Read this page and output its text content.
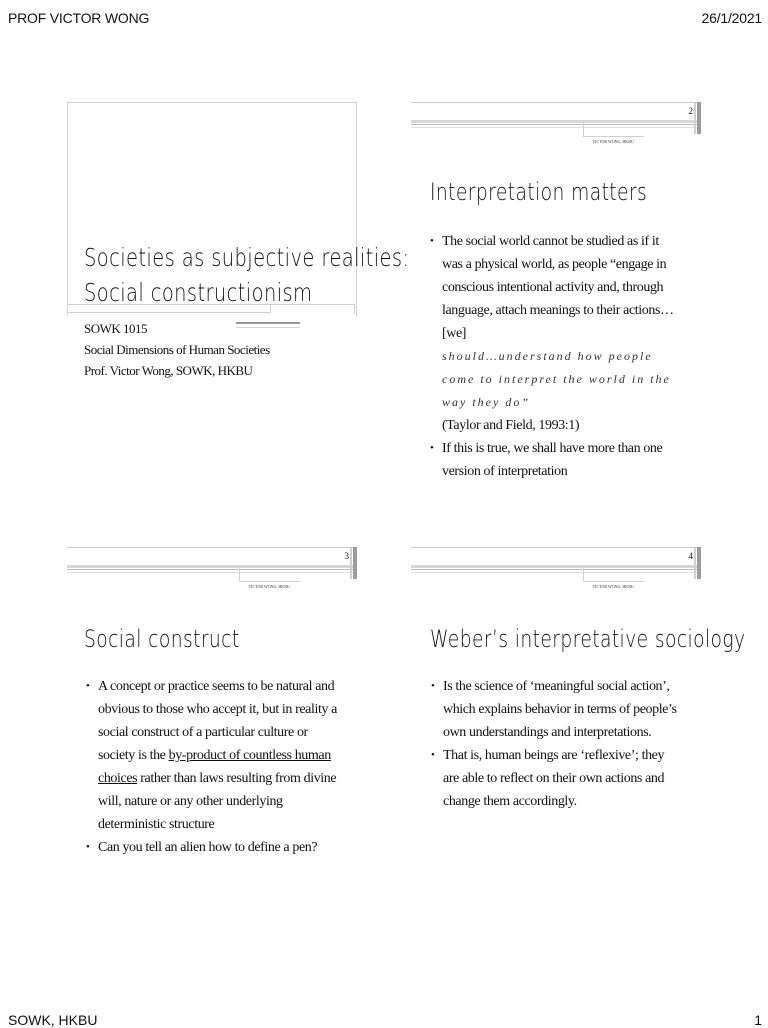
PROF VICTOR WONG	26/1/2021
Societies as subjective realities:
Social constructionism
SOWK 1015
Social Dimensions of Human Societies
Prof. Victor Wong, SOWK, HKBU
2
VICTOR WONG, HKBU
Interpretation matters
• The social world cannot be studied as if it was a physical world, as people “engage in conscious intentional activity and, through language, attach meanings to their actions…[we]
should…understand how people come to interpret the world in the way they do”
(Taylor and Field, 1993:1)
• If this is true, we shall have more than one version of interpretation
3
VICTOR WONG, HKBU
Social construct
• A concept or practice seems to be natural and obvious to those who accept it, but in reality a social construct of a particular culture or society is the by-product of countless human choices rather than laws resulting from divine will, nature or any other underlying deterministic structure
• Can you tell an alien how to define a pen?
4
VICTOR WONG, HKBU
Weber’s interpretative sociology
• Is the science of ‘meaningful social action’, which explains behavior in terms of people’s own understandings and interpretations.
• That is, human beings are ‘reflexive’; they are able to reflect on their own actions and change them accordingly.
SOWK, HKBU	1
